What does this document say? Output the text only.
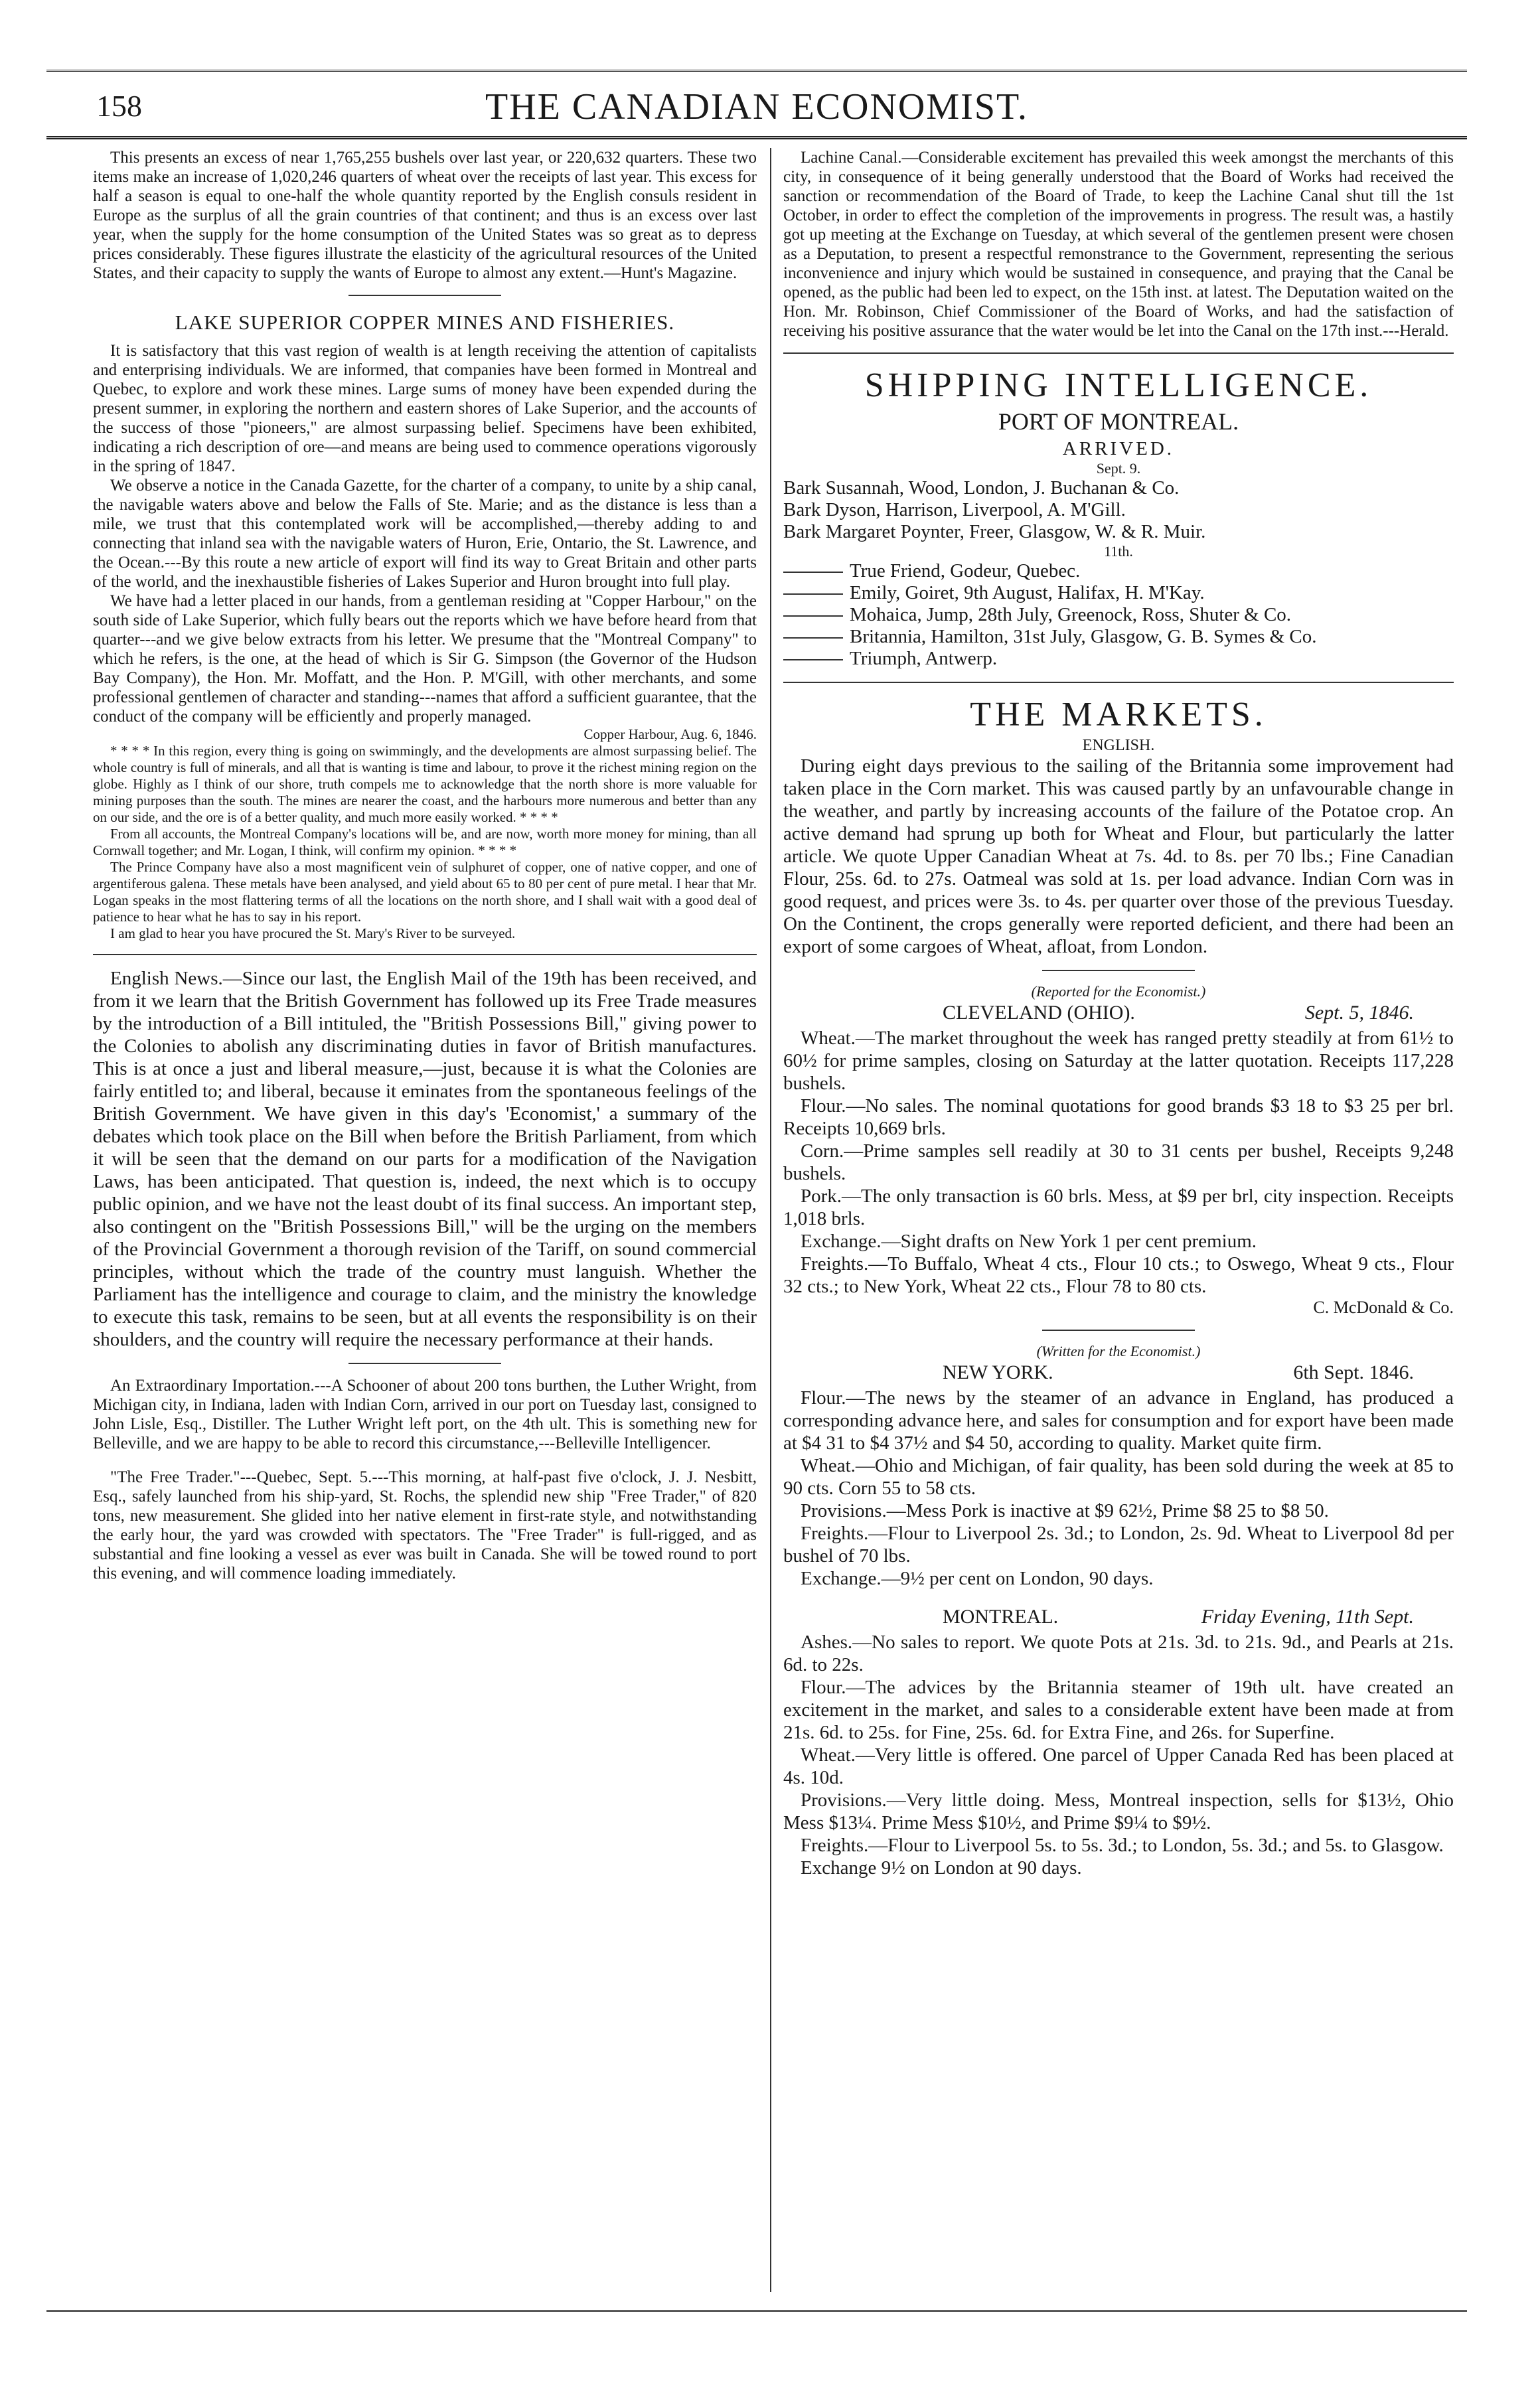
THE CANADIAN ECONOMIST.
158

This presents an excess of near 1,765,255 bushels over last year, or 220,632 quarters. These two items make an increase of 1,020,246 quarters of wheat over the receipts of last year. This excess for half a season is equal to one-half the whole quantity reported by the English consuls resident in Europe as the surplus of all the grain countries of that continent; and thus is an excess over last year, when the supply for the home consumption of the United States was so great as to depress prices considerably. These figures illustrate the elasticity of the agricultural resources of the United States, and their capacity to supply the wants of Europe to almost any extent.—Hunt's Magazine.

LAKE SUPERIOR COPPER MINES AND FISHERIES.

It is satisfactory that this vast region of wealth is at length receiving the attention of capitalists and enterprising individuals. We are informed, that companies have been formed in Montreal and Quebec, to explore and work these mines. Large sums of money have been expended during the present summer, in exploring the northern and eastern shores of Lake Superior, and the accounts of the success of those "pioneers," are almost surpassing belief. Specimens have been exhibited, indicating a rich description of ore—and means are being used to commence operations vigorously in the spring of 1847.

We observe a notice in the Canada Gazette, for the charter of a company, to unite by a ship canal, the navigable waters above and below the Falls of Ste. Marie; and as the distance is less than a mile, we trust that this contemplated work will be accomplished,—thereby adding to and connecting that inland sea with the navigable waters of Huron, Erie, Ontario, the St. Lawrence, and the Ocean.---By this route a new article of export will find its way to Great Britain and other parts of the world, and the inexhaustible fisheries of Lakes Superior and Huron brought into full play.

We have had a letter placed in our hands, from a gentleman residing at "Copper Harbour," on the south side of Lake Superior, which fully bears out the reports which we have before heard from that quarter---and we give below extracts from his letter. We presume that the "Montreal Company" to which he refers, is the one, at the head of which is Sir G. Simpson (the Governor of the Hudson Bay Company), the Hon. Mr. Moffatt, and the Hon. P. M'Gill, with other merchants, and some professional gentlemen of character and standing---names that afford a sufficient guarantee, that the conduct of the company will be efficiently and properly managed.

Copper Harbour, Aug. 6, 1846.

* * * * In this region, every thing is going on swimmingly, and the developments are almost surpassing belief. The whole country is full of minerals, and all that is wanting is time and labour, to prove it the richest mining region on the globe. Highly as I think of our shore, truth compels me to acknowledge that the north shore is more valuable for mining purposes than the south. The mines are nearer the coast, and the harbours more numerous and better than any on our side, and the ore is of a better quality, and much more easily worked. * * * *

From all accounts, the Montreal Company's locations will be, and are now, worth more money for mining, than all Cornwall together; and Mr. Logan, I think, will confirm my opinion. * * * *

The Prince Company have also a most magnificent vein of sulphuret of copper, one of native copper, and one of argentiferous galena. These metals have been analysed, and yield about 65 to 80 per cent of pure metal. I hear that Mr. Logan speaks in the most flattering terms of all the locations on the north shore, and I shall wait with a good deal of patience to hear what he has to say in his report.

I am glad to hear you have procured the St. Mary's River to be surveyed.

English News.—Since our last, the English Mail of the 19th has been received, and from it we learn that the British Government has followed up its Free Trade measures by the introduction of a Bill intituled, the "British Possessions Bill," giving power to the Colonies to abolish any discriminating duties in favor of British manufactures. This is at once a just and liberal measure,—just, because it is what the Colonies are fairly entitled to; and liberal, because it eminates from the spontaneous feelings of the British Government. We have given in this day's 'Economist,' a summary of the debates which took place on the Bill when before the British Parliament, from which it will be seen that the demand on our parts for a modification of the Navigation Laws, has been anticipated. That question is, indeed, the next which is to occupy public opinion, and we have not the least doubt of its final success. An important step, also contingent on the "British Possessions Bill," will be the urging on the members of the Provincial Government a thorough revision of the Tariff, on sound commercial principles, without which the trade of the country must languish. Whether the Parliament has the intelligence and courage to claim, and the ministry the knowledge to execute this task, remains to be seen, but at all events the responsibility is on their shoulders, and the country will require the necessary performance at their hands.

An Extraordinary Importation.---A Schooner of about 200 tons burthen, the Luther Wright, from Michigan city, in Indiana, laden with Indian Corn, arrived in our port on Tuesday last, consigned to John Lisle, Esq., Distiller. The Luther Wright left port, on the 4th ult. This is something new for Belleville, and we are happy to be able to record this circumstance,---Belleville Intelligencer.

"The Free Trader."---Quebec, Sept. 5.---This morning, at half-past five o'clock, J. J. Nesbitt, Esq., safely launched from his ship-yard, St. Rochs, the splendid new ship "Free Trader," of 820 tons, new measurement. She glided into her native element in first-rate style, and notwithstanding the early hour, the yard was crowded with spectators. The "Free Trader" is full-rigged, and as substantial and fine looking a vessel as ever was built in Canada. She will be towed round to port this evening, and will commence loading immediately.

Lachine Canal.—Considerable excitement has prevailed this week amongst the merchants of this city, in consequence of it being generally understood that the Board of Works had received the sanction or recommendation of the Board of Trade, to keep the Lachine Canal shut till the 1st October, in order to effect the completion of the improvements in progress. The result was, a hastily got up meeting at the Exchange on Tuesday, at which several of the gentlemen present were chosen as a Deputation, to present a respectful remonstrance to the Government, representing the serious inconvenience and injury which would be sustained in consequence, and praying that the Canal be opened, as the public had been led to expect, on the 15th inst. at latest. The Deputation waited on the Hon. Mr. Robinson, Chief Commissioner of the Board of Works, and had the satisfaction of receiving his positive assurance that the water would be let into the Canal on the 17th inst.---Herald.

SHIPPING INTELLIGENCE.
PORT OF MONTREAL.
ARRIVED.
Sept. 9.

Bark Susannah, Wood, London, J. Buchanan & Co.

Bark Dyson, Harrison, Liverpool, A. M'Gill.

Bark Margaret Poynter, Freer, Glasgow, W. & R. Muir.

11th.

True Friend, Godeur, Quebec.

Emily, Goiret, 9th August, Halifax, H. M'Kay.

Mohaica, Jump, 28th July, Greenock, Ross, Shuter & Co.

Britannia, Hamilton, 31st July, Glasgow, G. B. Symes & Co.

Triumph, Antwerp.

THE MARKETS.
ENGLISH.

During eight days previous to the sailing of the Britannia some improvement had taken place in the Corn market. This was caused partly by an unfavourable change in the weather, and partly by increasing accounts of the failure of the Potatoe crop. An active demand had sprung up both for Wheat and Flour, but particularly the latter article. We quote Upper Canadian Wheat at 7s. 4d. to 8s. per 70 lbs.; Fine Canadian Flour, 25s. 6d. to 27s. Oatmeal was sold at 1s. per load advance. Indian Corn was in good request, and prices were 3s. to 4s. per quarter over those of the previous Tuesday. On the Continent, the crops generally were reported deficient, and there had been an export of some cargoes of Wheat, afloat, from London.

(Reported for the Economist.)
CLEVELAND (OHIO).	Sept. 5, 1846.

Wheat.—The market throughout the week has ranged pretty steadily at from 61½ to 60½ for prime samples, closing on Saturday at the latter quotation. Receipts 117,228 bushels.

Flour.—No sales. The nominal quotations for good brands $3 18 to $3 25 per brl. Receipts 10,669 brls.

Corn.—Prime samples sell readily at 30 to 31 cents per bushel, Receipts 9,248 bushels.

Pork.—The only transaction is 60 brls. Mess, at $9 per brl, city inspection. Receipts 1,018 brls.

Exchange.—Sight drafts on New York 1 per cent premium.

Freights.—To Buffalo, Wheat 4 cts., Flour 10 cts.; to Oswego, Wheat 9 cts., Flour 32 cts.; to New York, Wheat 22 cts., Flour 78 to 80 cts.

C. McDonald & Co.
(Written for the Economist.)
NEW YORK.	6th Sept. 1846.

Flour.—The news by the steamer of an advance in England, has produced a corresponding advance here, and sales for consumption and for export have been made at $4 31 to $4 37½ and $4 50, according to quality. Market quite firm.

Wheat.—Ohio and Michigan, of fair quality, has been sold during the week at 85 to 90 cts. Corn 55 to 58 cts.

Provisions.—Mess Pork is inactive at $9 62½, Prime $8 25 to $8 50.

Freights.—Flour to Liverpool 2s. 3d.; to London, 2s. 9d. Wheat to Liverpool 8d per bushel of 70 lbs.

Exchange.—9½ per cent on London, 90 days.

MONTREAL.	Friday Evening, 11th Sept.

Ashes.—No sales to report. We quote Pots at 21s. 3d. to 21s. 9d., and Pearls at 21s. 6d. to 22s.

Flour.—The advices by the Britannia steamer of 19th ult. have created an excitement in the market, and sales to a considerable extent have been made at from 21s. 6d. to 25s. for Fine, 25s. 6d. for Extra Fine, and 26s. for Superfine.

Wheat.—Very little is offered. One parcel of Upper Canada Red has been placed at 4s. 10d.

Provisions.—Very little doing. Mess, Montreal inspection, sells for $13½, Ohio Mess $13¼. Prime Mess $10½, and Prime $9¼ to $9½.

Freights.—Flour to Liverpool 5s. to 5s. 3d.; to London, 5s. 3d.; and 5s. to Glasgow.

Exchange 9½ on London at 90 days.
